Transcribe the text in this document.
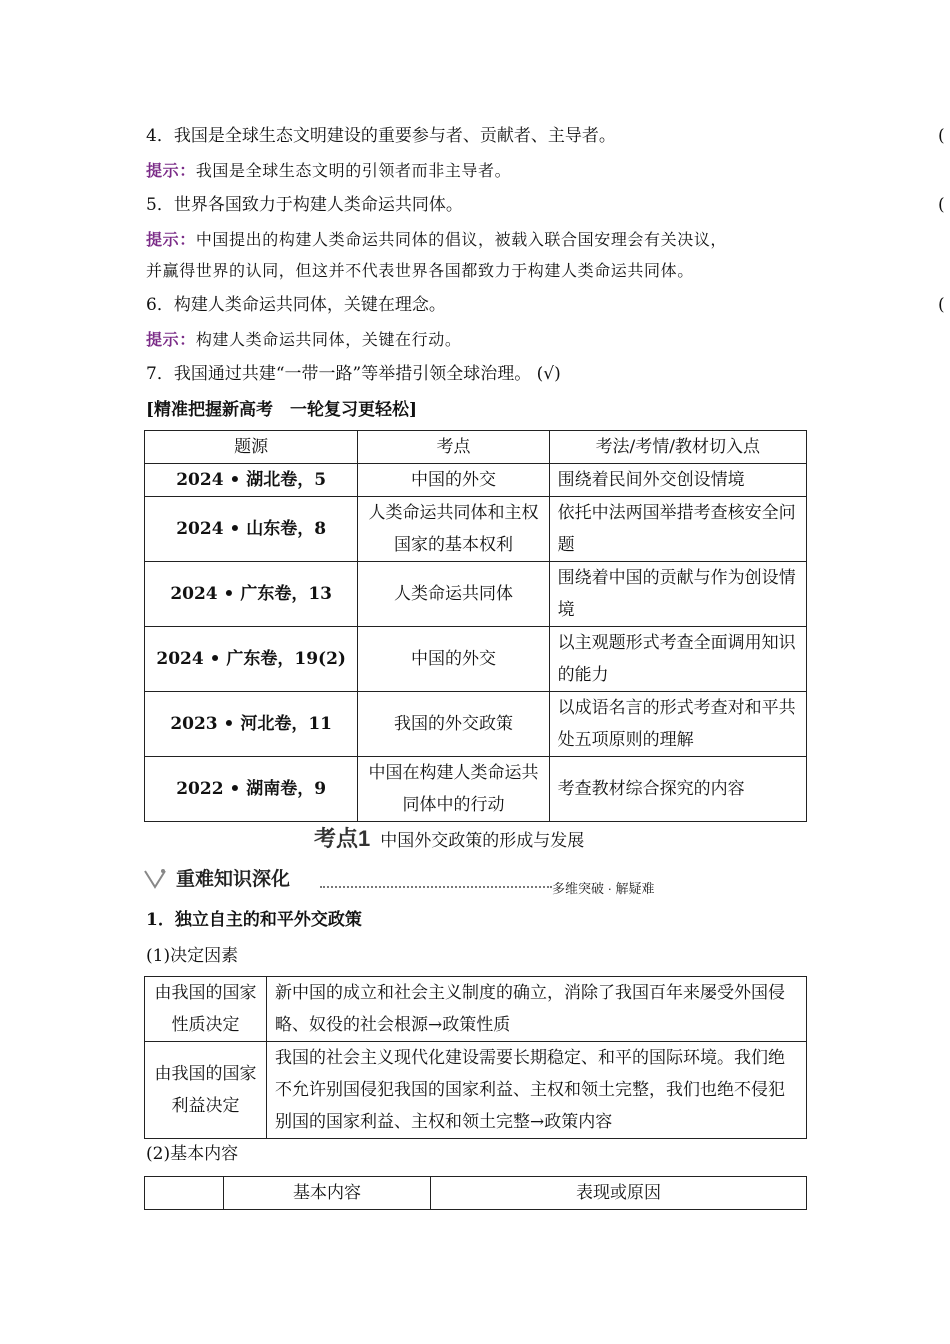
4．我国是全球生态文明建设的重要参与者、贡献者、主导者。	(
提示：我国是全球生态文明的引领者而非主导者。
5．世界各国致力于构建人类命运共同体。	(
提示：中国提出的构建人类命运共同体的倡议，被载入联合国安理会有关决议，
并赢得世界的认同，但这并不代表世界各国都致力于构建人类命运共同体。
6．构建人类命运共同体，关键在理念。	(
提示：构建人类命运共同体，关键在行动。
7．我国通过共建“一带一路”等举措引领全球治理。 (√)
[精准把握新高考　一轮复习更轻松]
题源	考点	考法/考情/教材切入点
2024 • 湖北卷，5	中国的外交	围绕着民间外交创设情境
2024 • 山东卷，8	人类命运共同体和主权国家的基本权利	依托中法两国举措考查核安全问题
2024 • 广东卷，13	人类命运共同体	围绕着中国的贡献与作为创设情境
2024 • 广东卷，19(2)	中国的外交	以主观题形式考查全面调用知识的能力
2023 • 河北卷，11	我国的外交政策	以成语名言的形式考查对和平共处五项原则的理解
2022 • 湖南卷，9	中国在构建人类命运共同体中的行动	考查教材综合探究的内容
考点1 中国外交政策的形成与发展
重难知识深化	多维突破 · 解疑难
1．独立自主的和平外交政策
(1)决定因素
由我国的国家性质决定	新中国的成立和社会主义制度的确立，消除了我国百年来屡受外国侵略、奴役的社会根源→政策性质
由我国的国家利益决定	我国的社会主义现代化建设需要长期稳定、和平的国际环境。我们绝不允许别国侵犯我国的国家利益、主权和领土完整，我们也绝不侵犯别国的国家利益、主权和领土完整→政策内容
(2)基本内容
	基本内容	表现或原因
